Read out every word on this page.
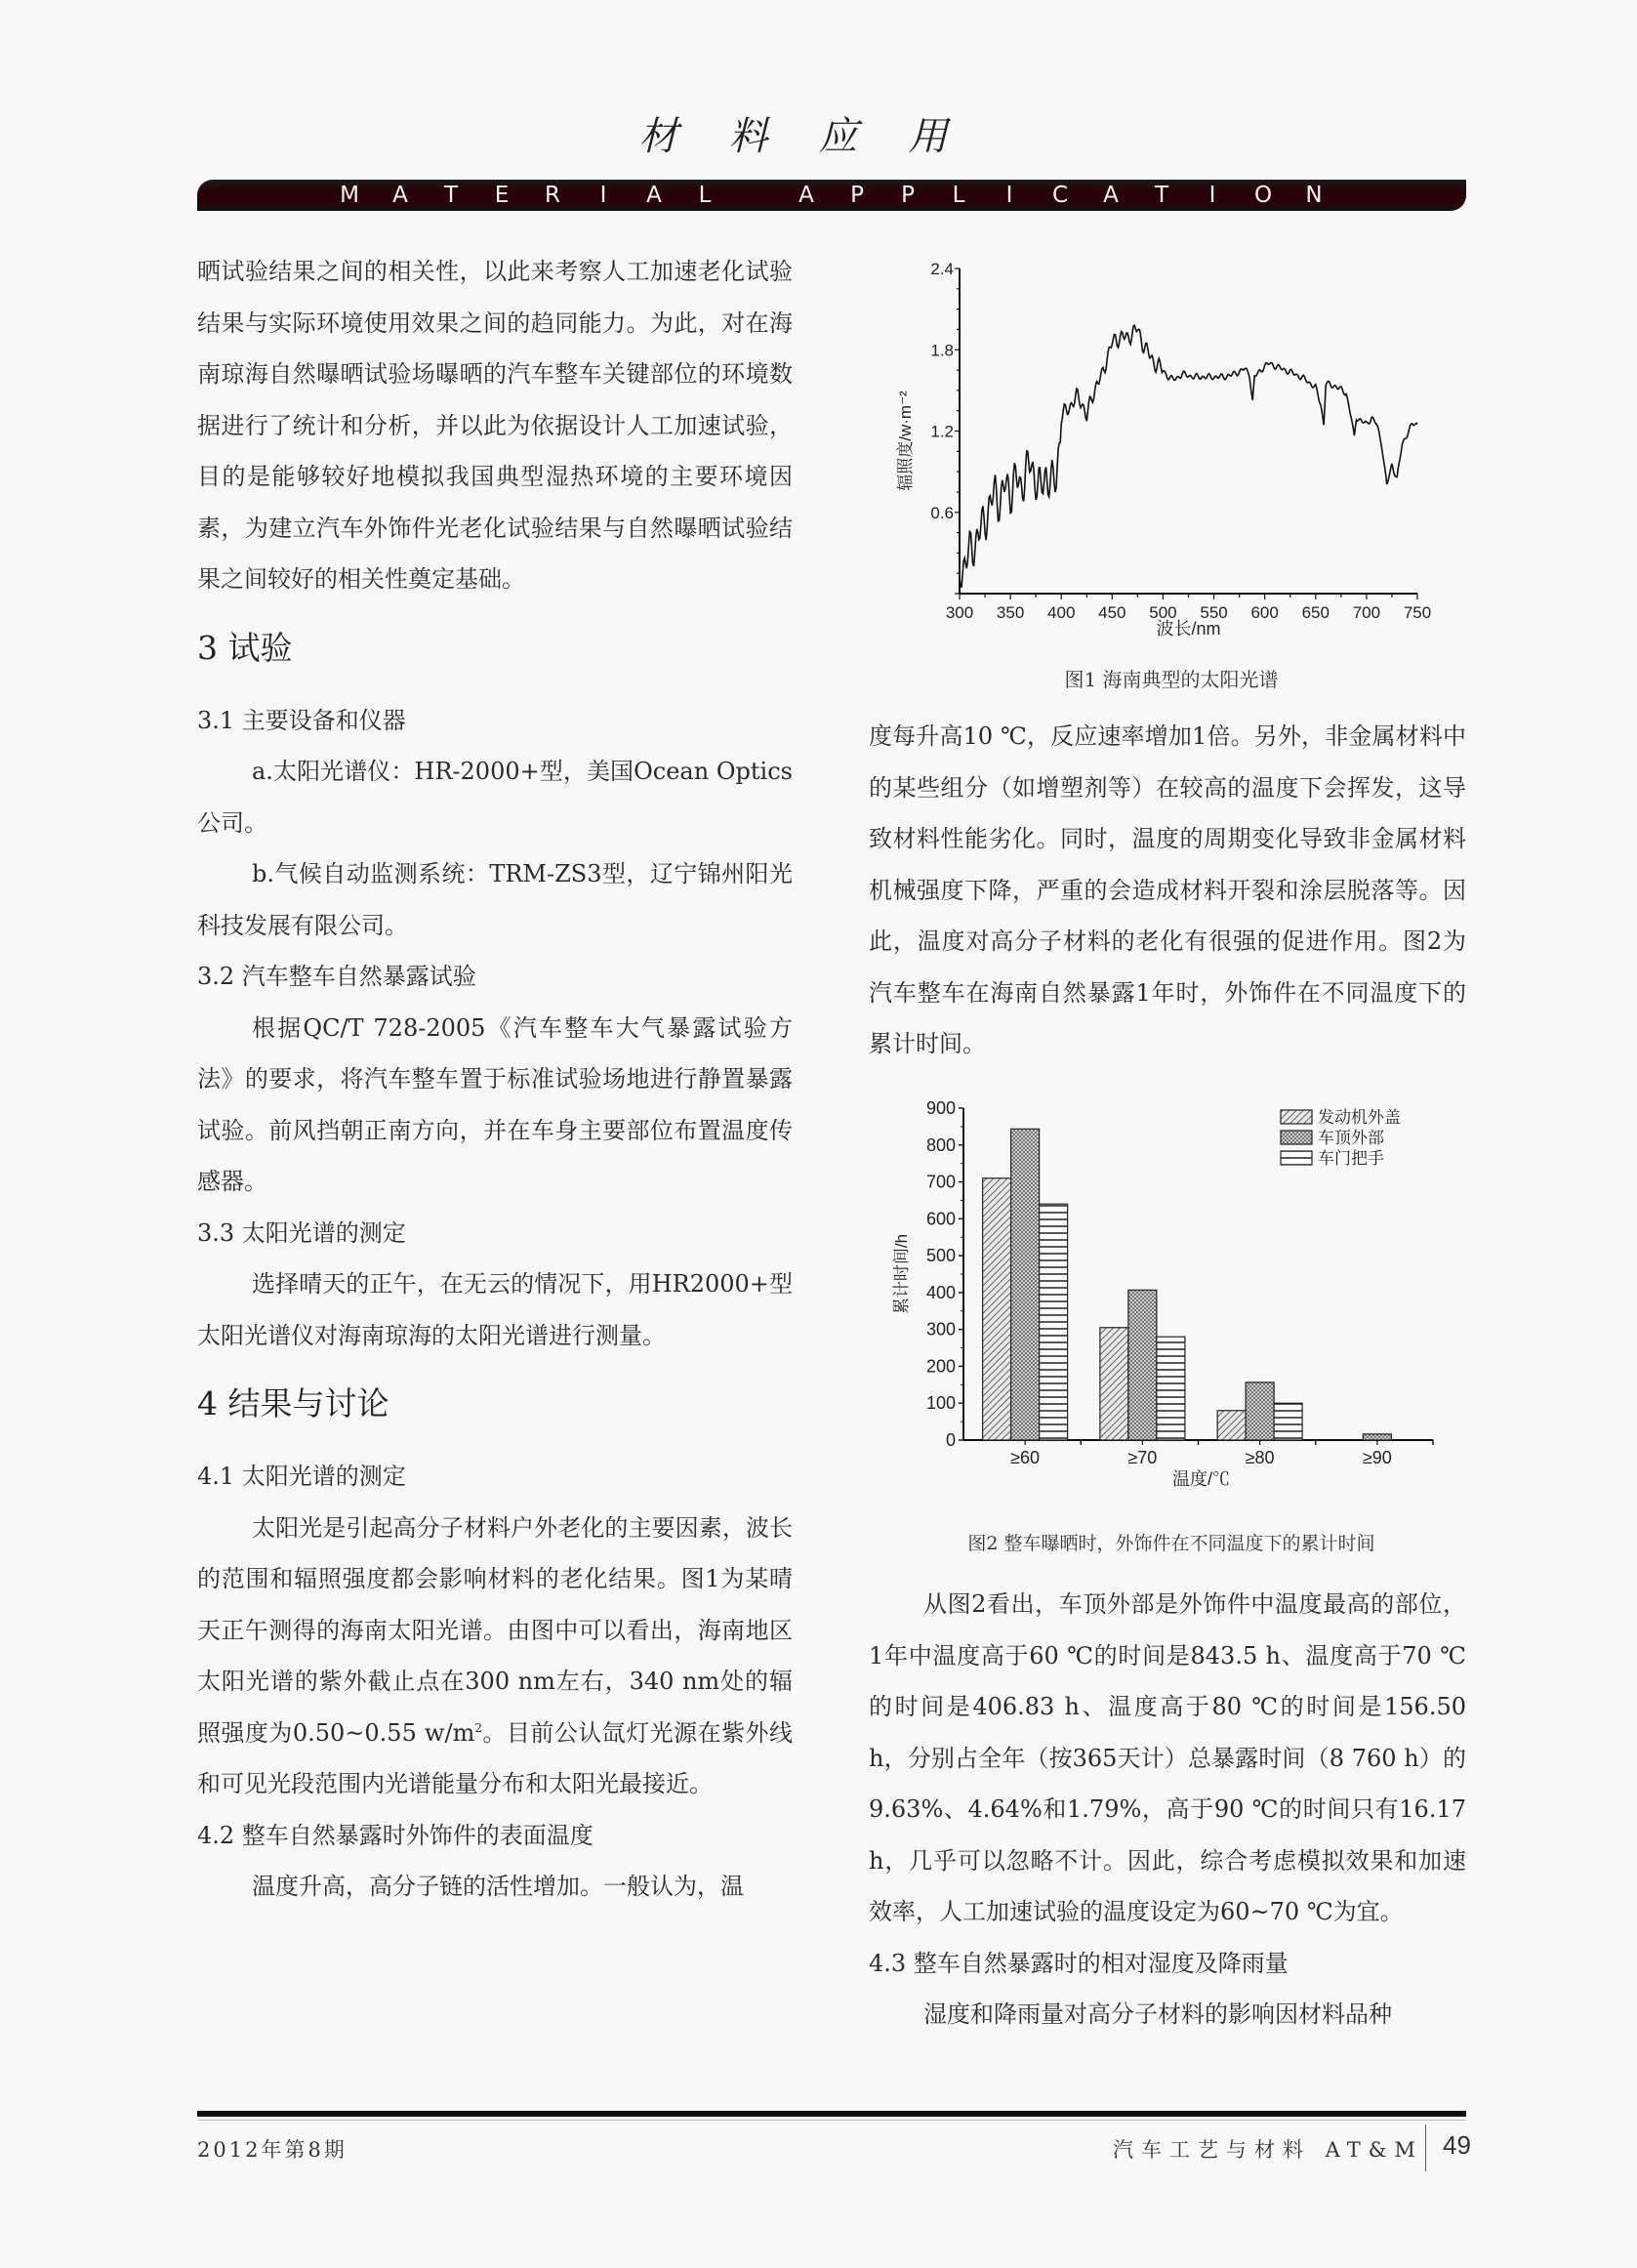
材料应用
M A T E R I A L	A P P L I C A T I O N

晒试验结果之间的相关性，以此来考察人工加速老化试验结果与实际环境使用效果之间的趋同能力。为此，对在海南琼海自然曝晒试验场曝晒的汽车整车关键部位的环境数据进行了统计和分析，并以此为依据设计人工加速试验，目的是能够较好地模拟我国典型湿热环境的主要环境因素，为建立汽车外饰件光老化试验结果与自然曝晒试验结果之间较好的相关性奠定基础。

3 试验

3.1 主要设备和仪器

a.太阳光谱仪：HR-2000+型，美国Ocean Optics公司。

b.气候自动监测系统：TRM-ZS3型，辽宁锦州阳光科技发展有限公司。

3.2 汽车整车自然暴露试验

根据QC/T 728-2005《汽车整车大气暴露试验方法》的要求，将汽车整车置于标准试验场地进行静置暴露试验。前风挡朝正南方向，并在车身主要部位布置温度传感器。

3.3 太阳光谱的测定

选择晴天的正午，在无云的情况下，用HR2000+型太阳光谱仪对海南琼海的太阳光谱进行测量。

4 结果与讨论

4.1 太阳光谱的测定

太阳光是引起高分子材料户外老化的主要因素，波长的范围和辐照强度都会影响材料的老化结果。图1为某晴天正午测得的海南太阳光谱。由图中可以看出，海南地区太阳光谱的紫外截止点在300 nm左右，340 nm处的辐照强度为0.50~0.55 $w/m^2$。目前公认氙灯光源在紫外线和可见光段范围内光谱能量分布和太阳光最接近。

4.2 整车自然暴露时外饰件的表面温度

温度升高，高分子链的活性增加。一般认为，温

0.6
1.2
1.8
2.4
300 350 400 450 500 550 600 650 700 750
波长/nm
辐照度/w·m⁻²
图1 海南典型的太阳光谱

度每升高10 ℃，反应速率增加1倍。另外，非金属材料中的某些组分（如增塑剂等）在较高的温度下会挥发，这导致材料性能劣化。同时，温度的周期变化导致非金属材料机械强度下降，严重的会造成材料开裂和涂层脱落等。因此，温度对高分子材料的老化有很强的促进作用。图2为汽车整车在海南自然暴露1年时，外饰件在不同温度下的累计时间。

0
100
200
300
400
500
600
700
800
900
累计时间/h
≥60	≥70	≥80	≥90
温度/℃
发动机外盖
车顶外部
车门把手
图2 整车曝晒时，外饰件在不同温度下的累计时间

从图2看出，车顶外部是外饰件中温度最高的部位，1年中温度高于60 ℃的时间是843.5 h、温度高于70 ℃的时间是406.83 h、温度高于80 ℃的时间是156.50 h，分别占全年（按365天计）总暴露时间（8 760 h）的9.63%、4.64%和1.79%，高于90 ℃的时间只有16.17 h，几乎可以忽略不计。因此，综合考虑模拟效果和加速效率，人工加速试验的温度设定为60~70 ℃为宜。

4.3 整车自然暴露时的相对湿度及降雨量

湿度和降雨量对高分子材料的影响因材料品种

2012年第8期	汽车工艺与材料 AT&M 49
